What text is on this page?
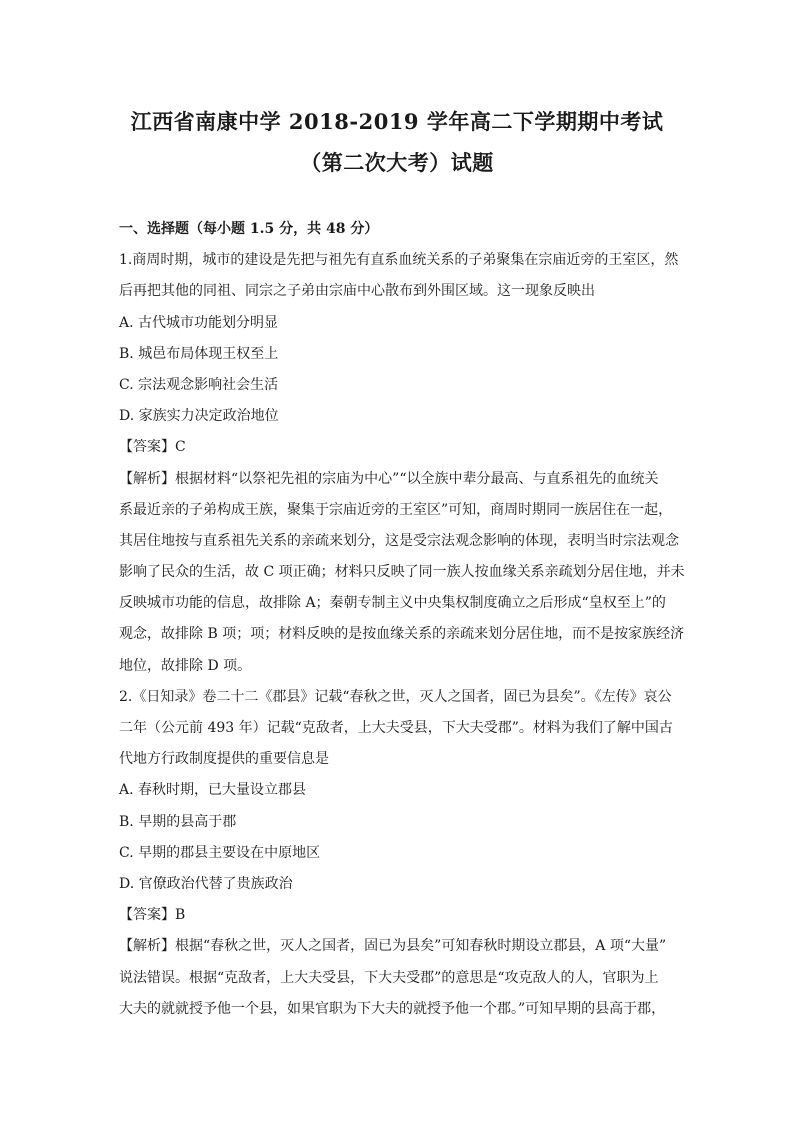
江西省南康中学 2018-2019 学年高二下学期期中考试
（第二次大考）试题
一、选择题（每小题 1.5 分，共 48 分）
1.商周时期，城市的建设是先把与祖先有直系血统关系的子弟聚集在宗庙近旁的王室区，然
后再把其他的同祖、同宗之子弟由宗庙中心散布到外围区域。这一现象反映出
A. 古代城市功能划分明显
B. 城邑布局体现王权至上
C. 宗法观念影响社会生活
D. 家族实力决定政治地位
【答案】C
【解析】根据材料“以祭祀先祖的宗庙为中心”“以全族中辈分最高、与直系祖先的血统关
系最近亲的子弟构成王族，聚集于宗庙近旁的王室区”可知，商周时期同一族居住在一起，
其居住地按与直系祖先关系的亲疏来划分，这是受宗法观念影响的体现，表明当时宗法观念
影响了民众的生活，故 C 项正确；材料只反映了同一族人按血缘关系亲疏划分居住地，并未
反映城市功能的信息，故排除 A；秦朝专制主义中央集权制度确立之后形成“皇权至上”的
观念，故排除 B 项；项；材料反映的是按血缘关系的亲疏来划分居住地，而不是按家族经济
地位，故排除 D 项。
2.《日知录》卷二十二《郡县》记载“春秋之世，灭人之国者，固已为县矣”。《左传》哀公
二年（公元前 493 年）记载“克敌者，上大夫受县，下大夫受郡”。材料为我们了解中国古
代地方行政制度提供的重要信息是
A. 春秋时期，已大量设立郡县
B. 早期的县高于郡
C. 早期的郡县主要设在中原地区
D. 官僚政治代替了贵族政治
【答案】B
【解析】根据“春秋之世，灭人之国者，固已为县矣”可知春秋时期设立郡县，A 项“大量”
说法错误。根据“克敌者，上大夫受县，下大夫受郡”的意思是“攻克敌人的人，官职为上
大夫的就就授予他一个县，如果官职为下大夫的就授予他一个郡。”可知早期的县高于郡，
